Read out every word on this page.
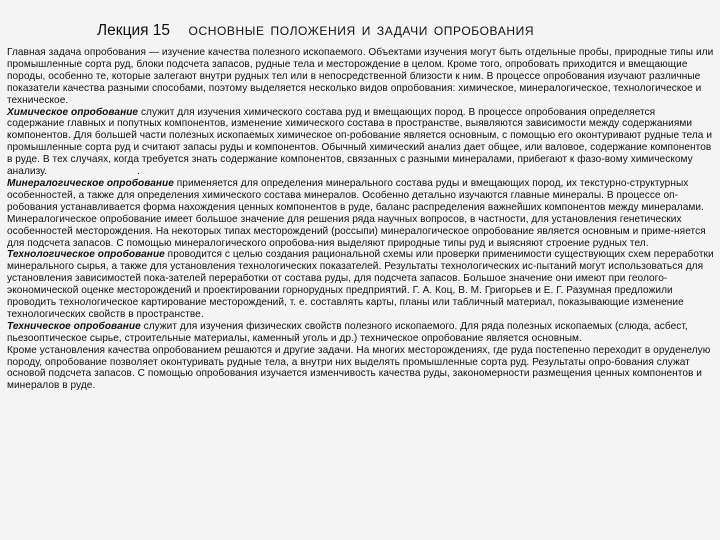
Лекция 15 ОСНОВНЫЕ ПОЛОЖЕНИЯ И ЗАДАЧИ ОПРОБОВАНИЯ

Главная задача опробования — изучение качества полезного ископаемого. Объектами изучения могут быть отдельные пробы, природные типы или промышленные сорта руд, блоки подсчета запасов, рудные тела и месторождение в целом. Кроме того, опробовать приходится и вмещающие породы, особенно те, которые залегают внутри рудных тел или в непосредственной близости к ним. В процессе опробования изучают различные показатели качества разными способами, поэтому выделяется несколько видов опробования: химическое, минералогическое, технологическое и техническое.

Химическое опробование служит для изучения химического состава руд и вмещающих пород. В процессе опробования определяется содержание главных и попутных компонентов, изменение химического состава в пространстве, выявляются зависимости между содержаниями компонентов. Для большей части полезных ископаемых химическое оп-робование является основным, с помощью его оконтуривают рудные тела и промышленные сорта руд и считают запасы руды и компонентов. Обычный химический анализ дает общее, или валовое, содержание компонентов в руде. В тех случаях, когда требуется знать содержание компонентов, связанных с разными минералами, прибегают к фазо-вому химическому анализу.	.

Минералогическое опробование применяется для определения минерального состава руды и вмещающих пород, их текстурно-структурных особенностей, а также для определения химического состава минералов. Особенно детально изучаются главные минералы. В процессе оп-робования устанавливается форма нахождения ценных компонентов в руде, баланс распределения важнейших компонентов между минералами. Минералогическое опробование имеет большое значение для решения ряда научных вопросов, в частности, для установления генетических особенностей месторождения. На некоторых типах месторождений (россыпи) минералогическое опробование является основным и приме-няется для подсчета запасов. С помощью минералогического опробова-ния выделяют природные типы руд и выясняют строение рудных тел.

Технологическое опробование проводится с целью создания рациональной схемы или проверки применимости существующих схем переработки минерального сырья, а также для установления технологических показателей. Результаты технологических ис-пытаний могут использоваться для установления зависимостей пока-зателей переработки от состава руды, для подсчета запасов. Большое значение они имеют при геолого-экономической оценке месторождений и проектировании горнорудных предприятий. Г. А. Коц, В. М. Григорьев и Е. Г. Разумная предложили проводить технологическое картирование месторождений, т. е. составлять карты, планы или табличный материал, показывающие изменение технологических свойств в пространстве.

Техническое опробование служит для изучения физических свойств полезного ископаемого. Для ряда полезных ископаемых (слюда, асбест, пьезооптическое сырье, строительные материалы, каменный уголь и др.) техническое опробование является основным.

Кроме установления качества опробованием решаются и другие задачи. На многих месторождениях, где руда постепенно переходит в оруденелую породу, опробование позволяет оконтуривать рудные тела, а внутри них выделять промышленные сорта руд. Результаты опро-бования служат основой подсчета запасов. С помощью опробования изучается изменчивость качества руды, закономерности размещения ценных компонентов и минералов в руде.
